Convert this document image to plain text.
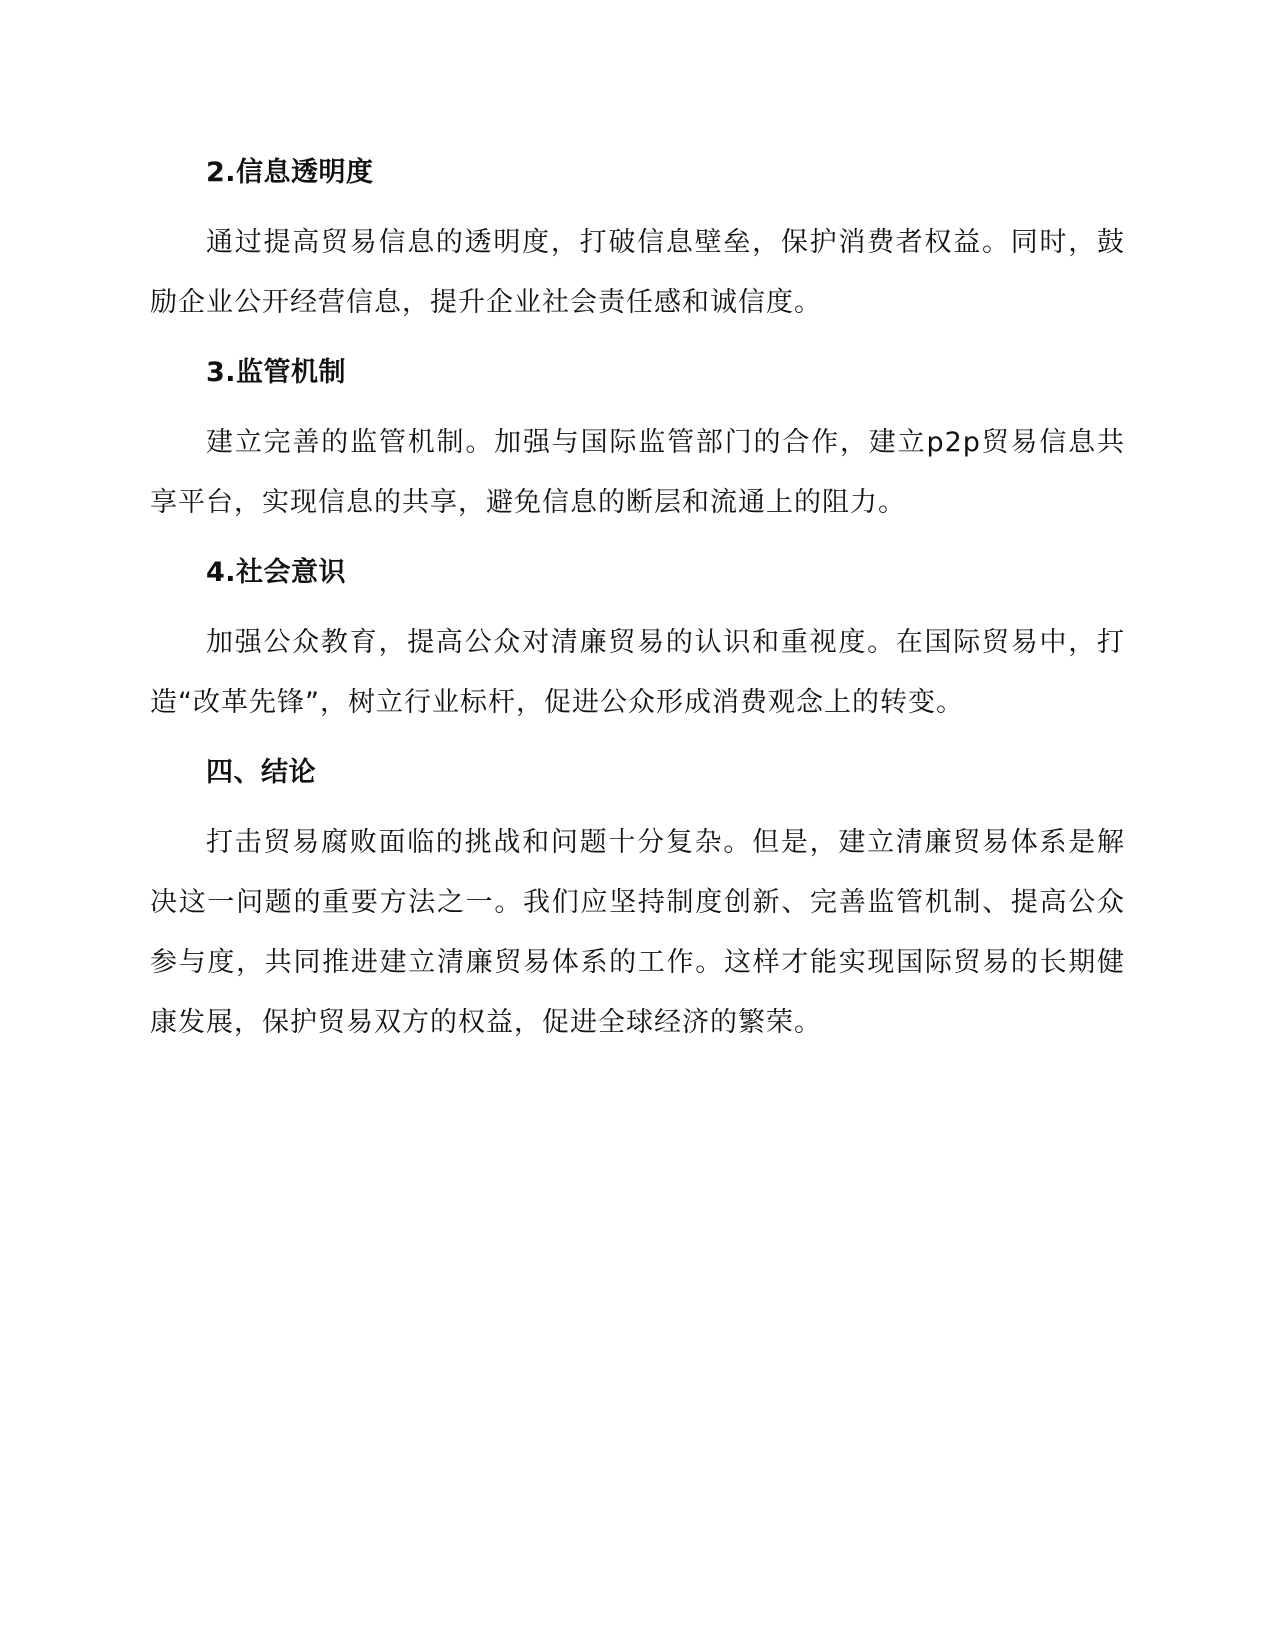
2.信息透明度

通过提高贸易信息的透明度，打破信息壁垒，保护消费者权益。同时，鼓励企业公开经营信息，提升企业社会责任感和诚信度。

3.监管机制

建立完善的监管机制。加强与国际监管部门的合作，建立p2p贸易信息共享平台，实现信息的共享，避免信息的断层和流通上的阻力。

4.社会意识

加强公众教育，提高公众对清廉贸易的认识和重视度。在国际贸易中，打造“改革先锋”，树立行业标杆，促进公众形成消费观念上的转变。

四、结论

打击贸易腐败面临的挑战和问题十分复杂。但是，建立清廉贸易体系是解决这一问题的重要方法之一。我们应坚持制度创新、完善监管机制、提高公众参与度，共同推进建立清廉贸易体系的工作。这样才能实现国际贸易的长期健康发展，保护贸易双方的权益，促进全球经济的繁荣。
